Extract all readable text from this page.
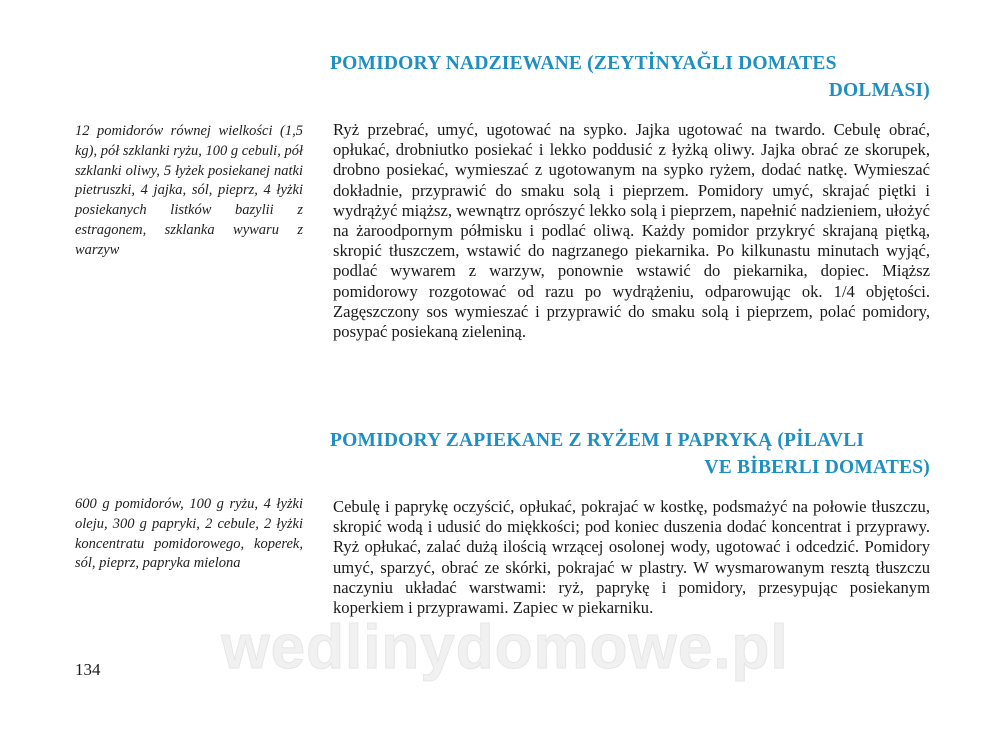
POMIDORY NADZIEWANE (ZEYTİNYAĞLI DOMATES
DOLMASI)

12 pomidorów równej wielkości (1,5 kg), pół szklanki ryżu, 100 g cebuli, pół szklanki oliwy, 5 łyżek posiekanej natki pietruszki, 4 jajka, sól, pieprz, 4 łyżki posiekanych listków bazylii z estragonem, szklanka wywaru z warzyw

Ryż przebrać, umyć, ugotować na sypko. Jajka ugotować na twardo. Cebulę obrać, opłukać, drobniutko posiekać i lekko poddusić z łyżką oliwy. Jajka obrać ze skorupek, drobno posiekać, wymieszać z ugotowanym na sypko ryżem, dodać natkę. Wymieszać dokładnie, przyprawić do smaku solą i pieprzem. Pomidory umyć, skrajać piętki i wydrążyć miąższ, wewnątrz oprószyć lekko solą i pieprzem, napełnić nadzieniem, ułożyć na żaroodpornym półmisku i podlać oliwą. Każdy pomidor przykryć skrajaną piętką, skropić tłuszczem, wstawić do nagrzanego piekarnika. Po kilkunastu minutach wyjąć, podlać wywarem z warzyw, ponownie wstawić do piekarnika, dopiec. Miąższ pomidorowy rozgotować od razu po wydrążeniu, odparowując ok. 1/4 objętości. Zagęszczony sos wymieszać i przyprawić do smaku solą i pieprzem, polać pomidory, posypać posiekaną zieleniną.

POMIDORY ZAPIEKANE Z RYŻEM I PAPRYKĄ (PİLAVLI
VE BİBERLI DOMATES)

600 g pomidorów, 100 g ryżu, 4 łyżki oleju, 300 g papryki, 2 cebule, 2 łyżki koncentratu pomidorowego, koperek, sól, pieprz, papryka mielona

Cebulę i paprykę oczyścić, opłukać, pokrajać w kostkę, podsmażyć na połowie tłuszczu, skropić wodą i udusić do miękkości; pod koniec duszenia dodać koncentrat i przyprawy. Ryż opłukać, zalać dużą ilością wrzącej osolonej wody, ugotować i odcedzić. Pomidory umyć, sparzyć, obrać ze skórki, pokrajać w plastry. W wysmarowanym resztą tłuszczu naczyniu układać warstwami: ryż, paprykę i pomidory, przesypując posiekanym koperkiem i przyprawami. Zapiec w piekarniku.

wedlinydomowe.pl
134
